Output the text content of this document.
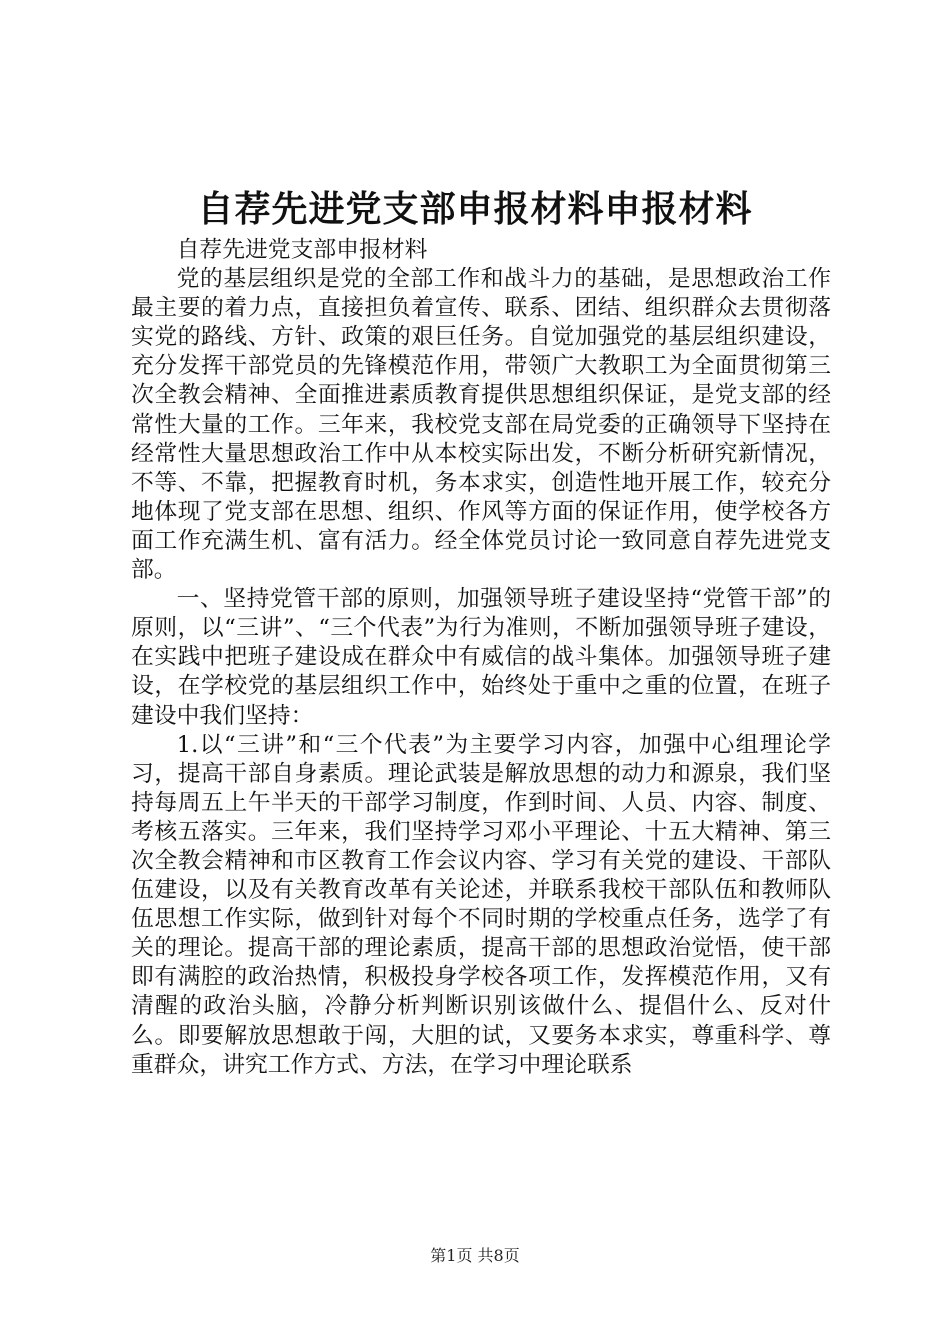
自荐先进党支部申报材料申报材料

自荐先进党支部申报材料

党的基层组织是党的全部工作和战斗力的基础，是思想政治工作最主要的着力点，直接担负着宣传、联系、团结、组织群众去贯彻落实党的路线、方针、政策的艰巨任务。自觉加强党的基层组织建设，充分发挥干部党员的先锋模范作用，带领广大教职工为全面贯彻第三次全教会精神、全面推进素质教育提供思想组织保证，是党支部的经常性大量的工作。三年来，我校党支部在局党委的正确领导下坚持在经常性大量思想政治工作中从本校实际出发，不断分析研究新情况，不等、不靠，把握教育时机，务本求实，创造性地开展工作，较充分地体现了党支部在思想、组织、作风等方面的保证作用，使学校各方面工作充满生机、富有活力。经全体党员讨论一致同意自荐先进党支部。

一、坚持党管干部的原则，加强领导班子建设坚持“党管干部”的原则，以“三讲”、“三个代表”为行为准则，不断加强领导班子建设，在实践中把班子建设成在群众中有威信的战斗集体。加强领导班子建设，在学校党的基层组织工作中，始终处于重中之重的位置，在班子建设中我们坚持：

1.以“三讲”和“三个代表”为主要学习内容，加强中心组理论学习，提高干部自身素质。理论武装是解放思想的动力和源泉，我们坚持每周五上午半天的干部学习制度，作到时间、人员、内容、制度、考核五落实。三年来，我们坚持学习邓小平理论、十五大精神、第三次全教会精神和市区教育工作会议内容、学习有关党的建设、干部队伍建设，以及有关教育改革有关论述，并联系我校干部队伍和教师队伍思想工作实际，做到针对每个不同时期的学校重点任务，选学了有关的理论。提高干部的理论素质，提高干部的思想政治觉悟，使干部即有满腔的政治热情，积极投身学校各项工作，发挥模范作用，又有清醒的政治头脑，冷静分析判断识别该做什么、提倡什么、反对什么。即要解放思想敢于闯，大胆的试，又要务本求实，尊重科学、尊重群众，讲究工作方式、方法，在学习中理论联系

第1页 共8页
